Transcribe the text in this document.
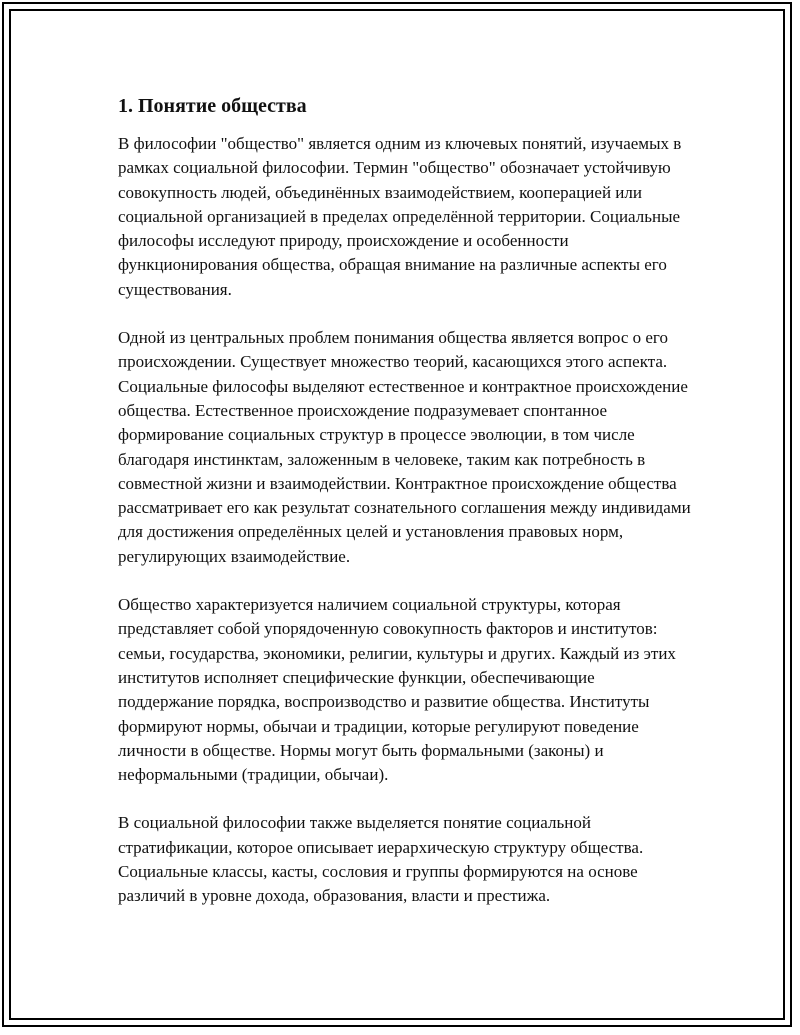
1. Понятие общества

В философии "общество" является одним из ключевых понятий, изучаемых в рамках социальной философии. Термин "общество" обозначает устойчивую совокупность людей, объединённых взаимодействием, кооперацией или социальной организацией в пределах определённой территории. Социальные философы исследуют природу, происхождение и особенности функционирования общества, обращая внимание на различные аспекты его существования.

Одной из центральных проблем понимания общества является вопрос о его происхождении. Существует множество теорий, касающихся этого аспекта. Социальные философы выделяют естественное и контрактное происхождение общества. Естественное происхождение подразумевает спонтанное формирование социальных структур в процессе эволюции, в том числе благодаря инстинктам, заложенным в человеке, таким как потребность в совместной жизни и взаимодействии. Контрактное происхождение общества рассматривает его как результат сознательного соглашения между индивидами для достижения определённых целей и установления правовых норм, регулирующих взаимодействие.

Общество характеризуется наличием социальной структуры, которая представляет собой упорядоченную совокупность факторов и институтов: семьи, государства, экономики, религии, культуры и других. Каждый из этих институтов исполняет специфические функции, обеспечивающие поддержание порядка, воспроизводство и развитие общества. Институты формируют нормы, обычаи и традиции, которые регулируют поведение личности в обществе. Нормы могут быть формальными (законы) и неформальными (традиции, обычаи).

В социальной философии также выделяется понятие социальной стратификации, которое описывает иерархическую структуру общества. Социальные классы, касты, сословия и группы формируются на основе различий в уровне дохода, образования, власти и престижа.
